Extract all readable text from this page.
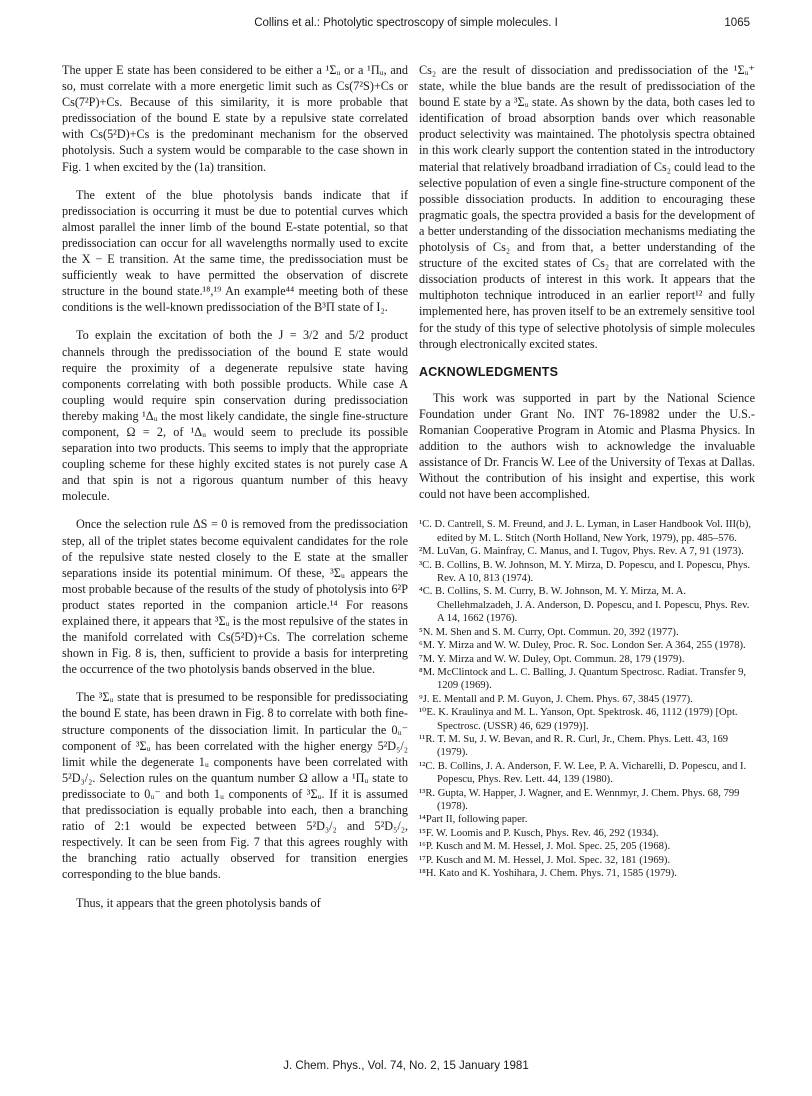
Collins et al.: Photolytic spectroscopy of simple molecules. I	1065

The upper E state has been considered to be either a ¹Σᵤ or a ¹Πᵤ, and so, must correlate with a more energetic limit such as Cs(7²S)+Cs or Cs(7²P)+Cs. Because of this similarity, it is more probable that predissociation of the bound E state by a repulsive state correlated with Cs(5²D)+Cs is the predominant mechanism for the observed photolysis. Such a system would be comparable to the case shown in Fig. 1 when excited by the (1a) transition.

The extent of the blue photolysis bands indicate that if predissociation is occurring it must be due to potential curves which almost parallel the inner limb of the bound E-state potential, so that predissociation can occur for all wavelengths normally used to excite the X − E transition. At the same time, the predissociation must be sufficiently weak to have permitted the observation of discrete structure in the bound state.¹⁸,¹⁹ An example⁴⁴ meeting both of these conditions is the well-known predissociation of the B³Π state of I₂.

To explain the excitation of both the J = 3/2 and 5/2 product channels through the predissociation of the bound E state would require the proximity of a degenerate repulsive state having components correlating with both possible products. While case A coupling would require spin conservation during predissociation thereby making ¹Δᵤ the most likely candidate, the single fine-structure component, Ω = 2, of ¹Δᵤ would seem to preclude its possible separation into two products. This seems to imply that the appropriate coupling scheme for these highly excited states is not purely case A and that spin is not a rigorous quantum number of this heavy molecule.

Once the selection rule ΔS = 0 is removed from the predissociation step, all of the triplet states become equivalent candidates for the role of the repulsive state nested closely to the E state at the smaller separations inside its potential minimum. Of these, ³Σᵤ appears the most probable because of the results of the study of photolysis into 6²P product states reported in the companion article.¹⁴ For reasons explained there, it appears that ³Σᵤ is the most repulsive of the states in the manifold correlated with Cs(5²D)+Cs. The correlation scheme shown in Fig. 8 is, then, sufficient to provide a basis for interpreting the occurrence of the two photolysis bands observed in the blue.

The ³Σᵤ state that is presumed to be responsible for predissociating the bound E state, has been drawn in Fig. 8 to correlate with both fine-structure components of the dissociation limit. In particular the 0ᵤ⁻ component of ³Σᵤ has been correlated with the higher energy 5²D₅/₂ limit while the degenerate 1ᵤ components have been correlated with 5²D₃/₂. Selection rules on the quantum number Ω allow a ¹Πᵤ state to predissociate to 0ᵤ⁻ and both 1ᵤ components of ³Σᵤ. If it is assumed that predissociation is equally probable into each, then a branching ratio of 2:1 would be expected between 5²D₃/₂ and 5²D₅/₂, respectively. It can be seen from Fig. 7 that this agrees roughly with the branching ratio actually observed for transition energies corresponding to the blue bands.

Thus, it appears that the green photolysis bands of

Cs₂ are the result of dissociation and predissociation of the ¹Σᵤ⁺ state, while the blue bands are the result of predissociation of the bound E state by a ³Σᵤ state. As shown by the data, both cases led to identification of broad absorption bands over which reasonable product selectivity was maintained. The photolysis spectra obtained in this work clearly support the contention stated in the introductory material that relatively broadband irradiation of Cs₂ could lead to the selective population of even a single fine-structure component of the possible dissociation products. In addition to encouraging these pragmatic goals, the spectra provided a basis for the development of a better understanding of the dissociation mechanisms mediating the photolysis of Cs₂ and from that, a better understanding of the structure of the excited states of Cs₂ that are correlated with the dissociation products of interest in this work. It appears that the multiphoton technique introduced in an earlier report¹² and fully implemented here, has proven itself to be an extremely sensitive tool for the study of this type of selective photolysis of simple molecules through electronically excited states.

ACKNOWLEDGMENTS

This work was supported in part by the National Science Foundation under Grant No. INT 76-18982 under the U.S.-Romanian Cooperative Program in Atomic and Plasma Physics. In addition to the authors wish to acknowledge the invaluable assistance of Dr. Francis W. Lee of the University of Texas at Dallas. Without the contribution of his insight and expertise, this work could not have been accomplished.

¹C. D. Cantrell, S. M. Freund, and J. L. Lyman, in Laser Handbook Vol. III(b), edited by M. L. Stitch (North Holland, New York, 1979), pp. 485–576.

²M. LuVan, G. Mainfray, C. Manus, and I. Tugov, Phys. Rev. A 7, 91 (1973).

³C. B. Collins, B. W. Johnson, M. Y. Mirza, D. Popescu, and I. Popescu, Phys. Rev. A 10, 813 (1974).

⁴C. B. Collins, S. M. Curry, B. W. Johnson, M. Y. Mirza, M. A. Chellehmalzadeh, J. A. Anderson, D. Popescu, and I. Popescu, Phys. Rev. A 14, 1662 (1976).

⁵N. M. Shen and S. M. Curry, Opt. Commun. 20, 392 (1977).

⁶M. Y. Mirza and W. W. Duley, Proc. R. Soc. London Ser. A 364, 255 (1978).

⁷M. Y. Mirza and W. W. Duley, Opt. Commun. 28, 179 (1979).

⁸M. McClintock and L. C. Balling, J. Quantum Spectrosc. Radiat. Transfer 9, 1209 (1969).

⁹J. E. Mentall and P. M. Guyon, J. Chem. Phys. 67, 3845 (1977).

¹⁰E. K. Kraulinya and M. L. Yanson, Opt. Spektrosk. 46, 1112 (1979) [Opt. Spectrosc. (USSR) 46, 629 (1979)].

¹¹R. T. M. Su, J. W. Bevan, and R. R. Curl, Jr., Chem. Phys. Lett. 43, 169 (1979).

¹²C. B. Collins, J. A. Anderson, F. W. Lee, P. A. Vicharelli, D. Popescu, and I. Popescu, Phys. Rev. Lett. 44, 139 (1980).

¹³R. Gupta, W. Happer, J. Wagner, and E. Wennmyr, J. Chem. Phys. 68, 799 (1978).

¹⁴Part II, following paper.

¹⁵F. W. Loomis and P. Kusch, Phys. Rev. 46, 292 (1934).

¹⁶P. Kusch and M. M. Hessel, J. Mol. Spec. 25, 205 (1968).

¹⁷P. Kusch and M. M. Hessel, J. Mol. Spec. 32, 181 (1969).

¹⁸H. Kato and K. Yoshihara, J. Chem. Phys. 71, 1585 (1979).

J. Chem. Phys., Vol. 74, No. 2, 15 January 1981
